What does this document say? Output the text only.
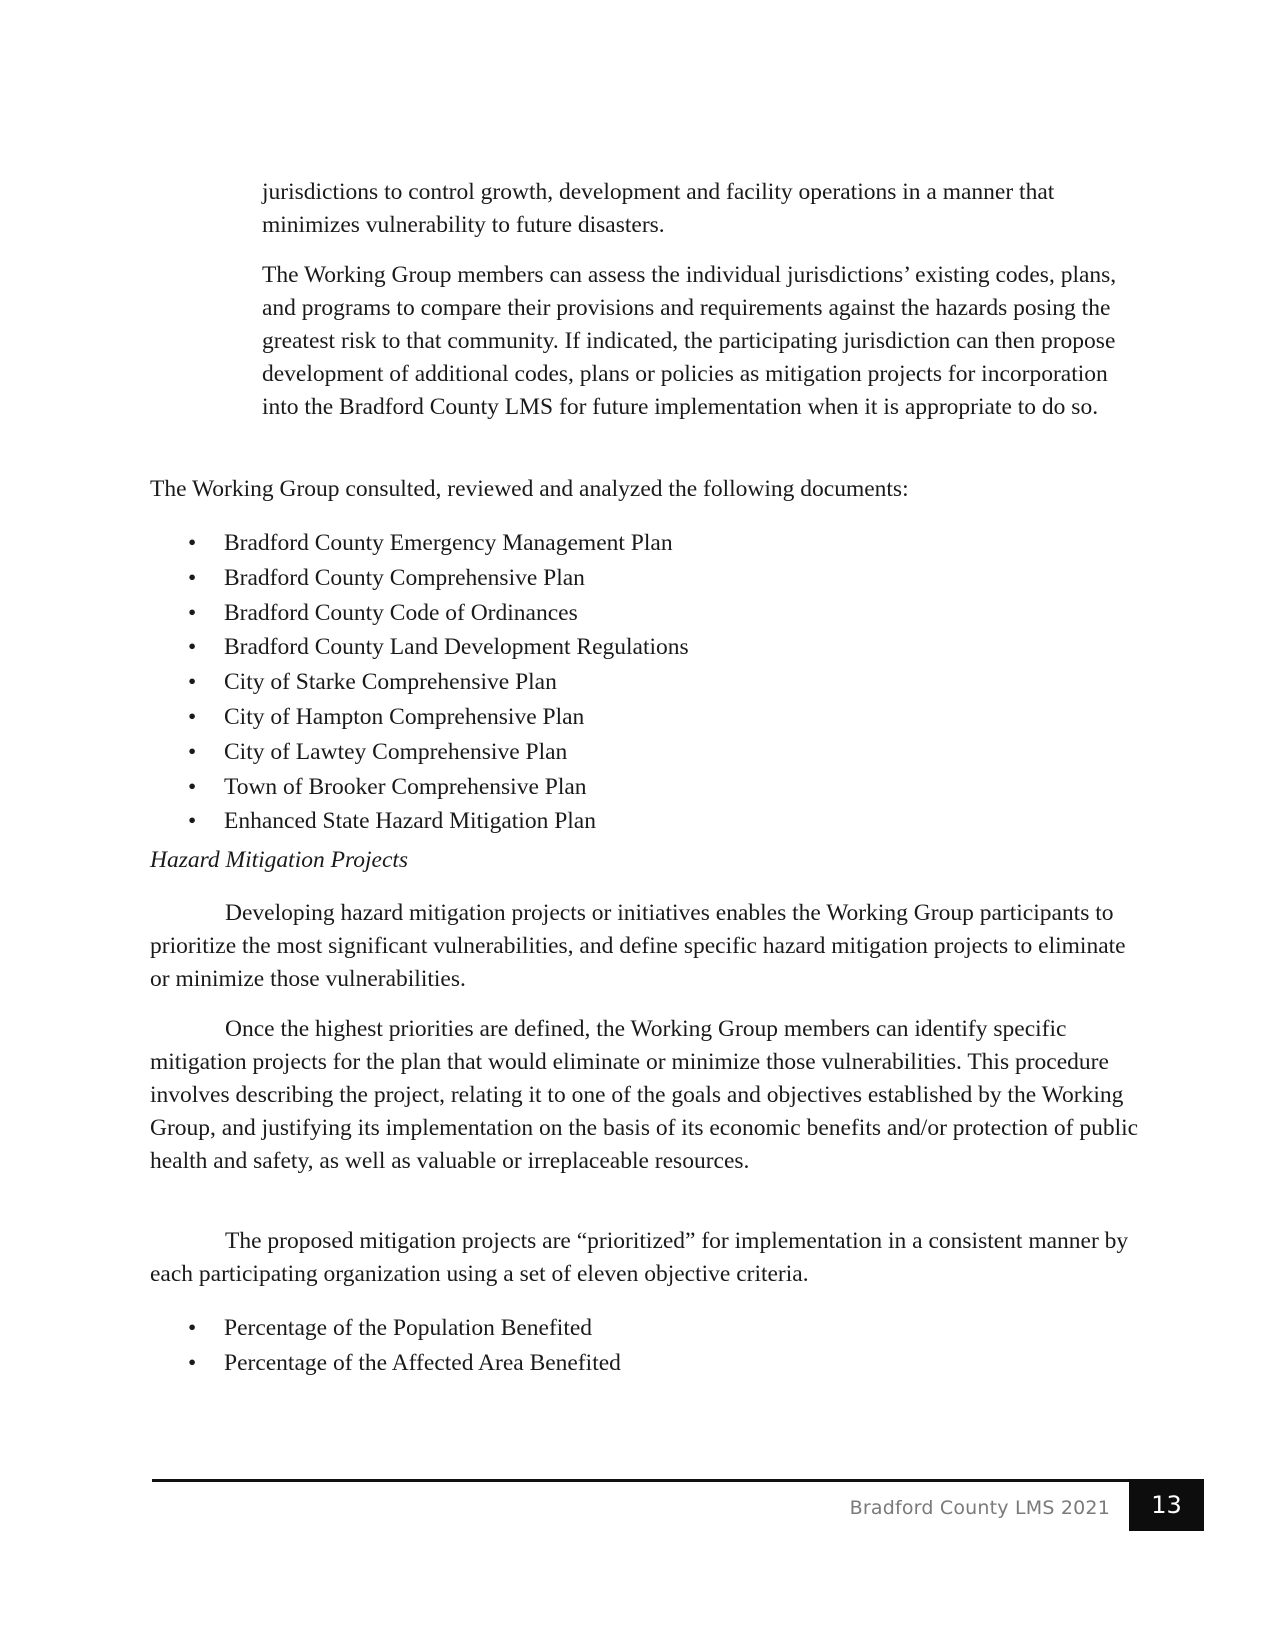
jurisdictions to control growth, development and facility operations in a manner that minimizes vulnerability to future disasters.

The Working Group members can assess the individual jurisdictions’ existing codes, plans, and programs to compare their provisions and requirements against the hazards posing the greatest risk to that community. If indicated, the participating jurisdiction can then propose development of additional codes, plans or policies as mitigation projects for incorporation into the Bradford County LMS for future implementation when it is appropriate to do so.

The Working Group consulted, reviewed and analyzed the following documents:

• Bradford County Emergency Management Plan
• Bradford County Comprehensive Plan
• Bradford County Code of Ordinances
• Bradford County Land Development Regulations
• City of Starke Comprehensive Plan
• City of Hampton Comprehensive Plan
• City of Lawtey Comprehensive Plan
• Town of Brooker Comprehensive Plan
• Enhanced State Hazard Mitigation Plan

Hazard Mitigation Projects

Developing hazard mitigation projects or initiatives enables the Working Group participants to prioritize the most significant vulnerabilities, and define specific hazard mitigation projects to eliminate or minimize those vulnerabilities.

Once the highest priorities are defined, the Working Group members can identify specific mitigation projects for the plan that would eliminate or minimize those vulnerabilities. This procedure involves describing the project, relating it to one of the goals and objectives established by the Working Group, and justifying its implementation on the basis of its economic benefits and/or protection of public health and safety, as well as valuable or irreplaceable resources.

The proposed mitigation projects are “prioritized” for implementation in a consistent manner by each participating organization using a set of eleven objective criteria.

• Percentage of the Population Benefited
• Percentage of the Affected Area Benefited
Bradford County LMS 2021 13
